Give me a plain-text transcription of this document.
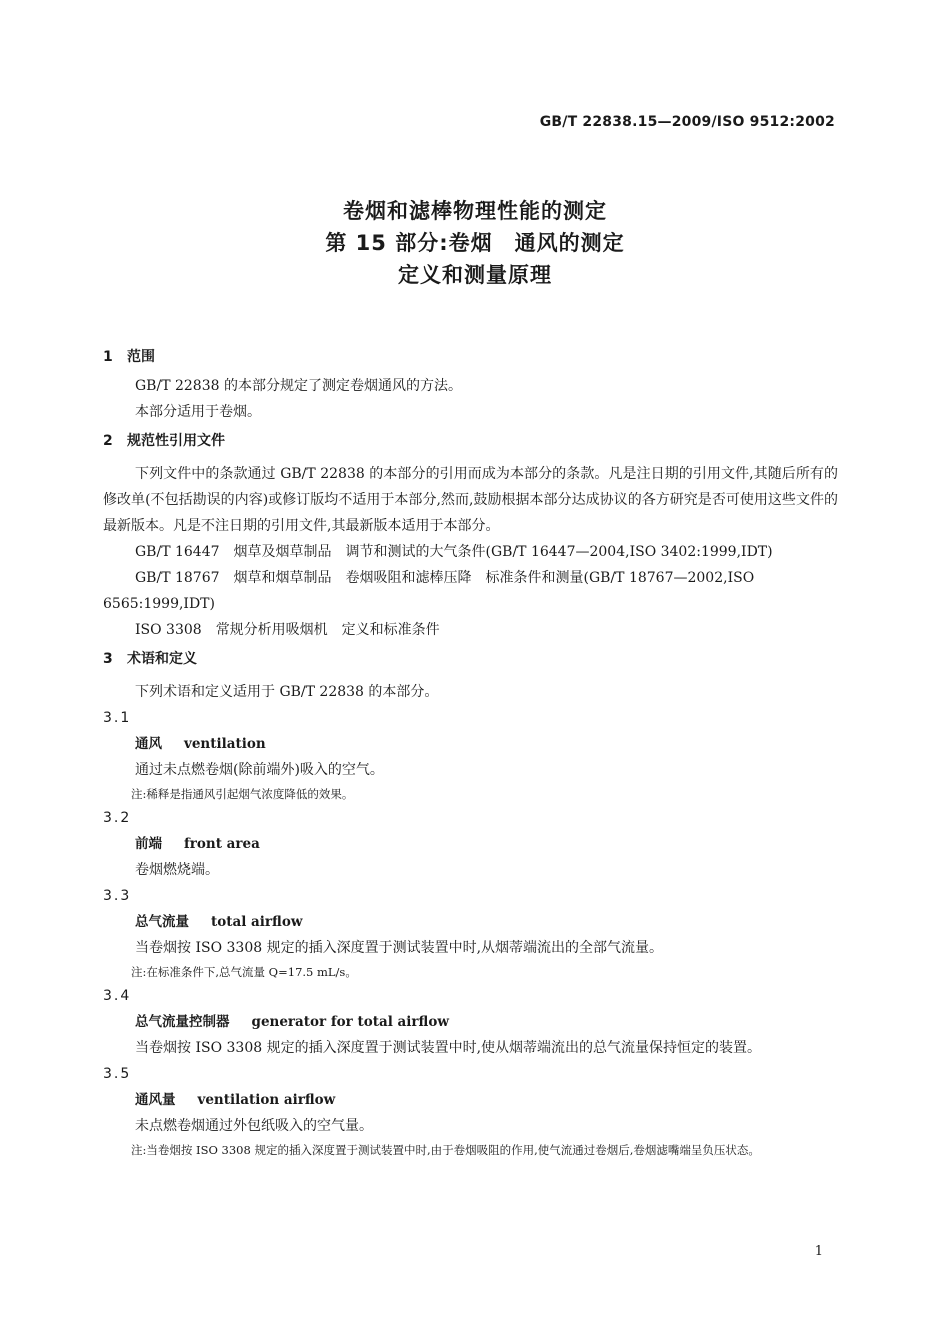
GB/T 22838.15—2009/ISO 9512:2002
卷烟和滤棒物理性能的测定
第 15 部分:卷烟　通风的测定
定义和测量原理
1 范围
GB/T 22838 的本部分规定了测定卷烟通风的方法。
本部分适用于卷烟。
2 规范性引用文件
下列文件中的条款通过 GB/T 22838 的本部分的引用而成为本部分的条款。凡是注日期的引用文件,其随后所有的修改单(不包括勘误的内容)或修订版均不适用于本部分,然而,鼓励根据本部分达成协议的各方研究是否可使用这些文件的最新版本。凡是不注日期的引用文件,其最新版本适用于本部分。
GB/T 16447 烟草及烟草制品　调节和测试的大气条件(GB/T 16447—2004,ISO 3402:1999,IDT)
GB/T 18767 烟草和烟草制品　卷烟吸阻和滤棒压降　标准条件和测量(GB/T 18767—2002,ISO 6565:1999,IDT)
ISO 3308 常规分析用吸烟机　定义和标准条件
3 术语和定义
下列术语和定义适用于 GB/T 22838 的本部分。
3.1
通风 ventilation
通过未点燃卷烟(除前端外)吸入的空气。
注:稀释是指通风引起烟气浓度降低的效果。
3.2
前端 front area
卷烟燃烧端。
3.3
总气流量 total airflow
当卷烟按 ISO 3308 规定的插入深度置于测试装置中时,从烟蒂端流出的全部气流量。
注:在标准条件下,总气流量 Q=17.5 mL/s。
3.4
总气流量控制器 generator for total airflow
当卷烟按 ISO 3308 规定的插入深度置于测试装置中时,使从烟蒂端流出的总气流量保持恒定的装置。
3.5
通风量 ventilation airflow
未点燃卷烟通过外包纸吸入的空气量。
注:当卷烟按 ISO 3308 规定的插入深度置于测试装置中时,由于卷烟吸阻的作用,使气流通过卷烟后,卷烟滤嘴端呈负压状态。
1
